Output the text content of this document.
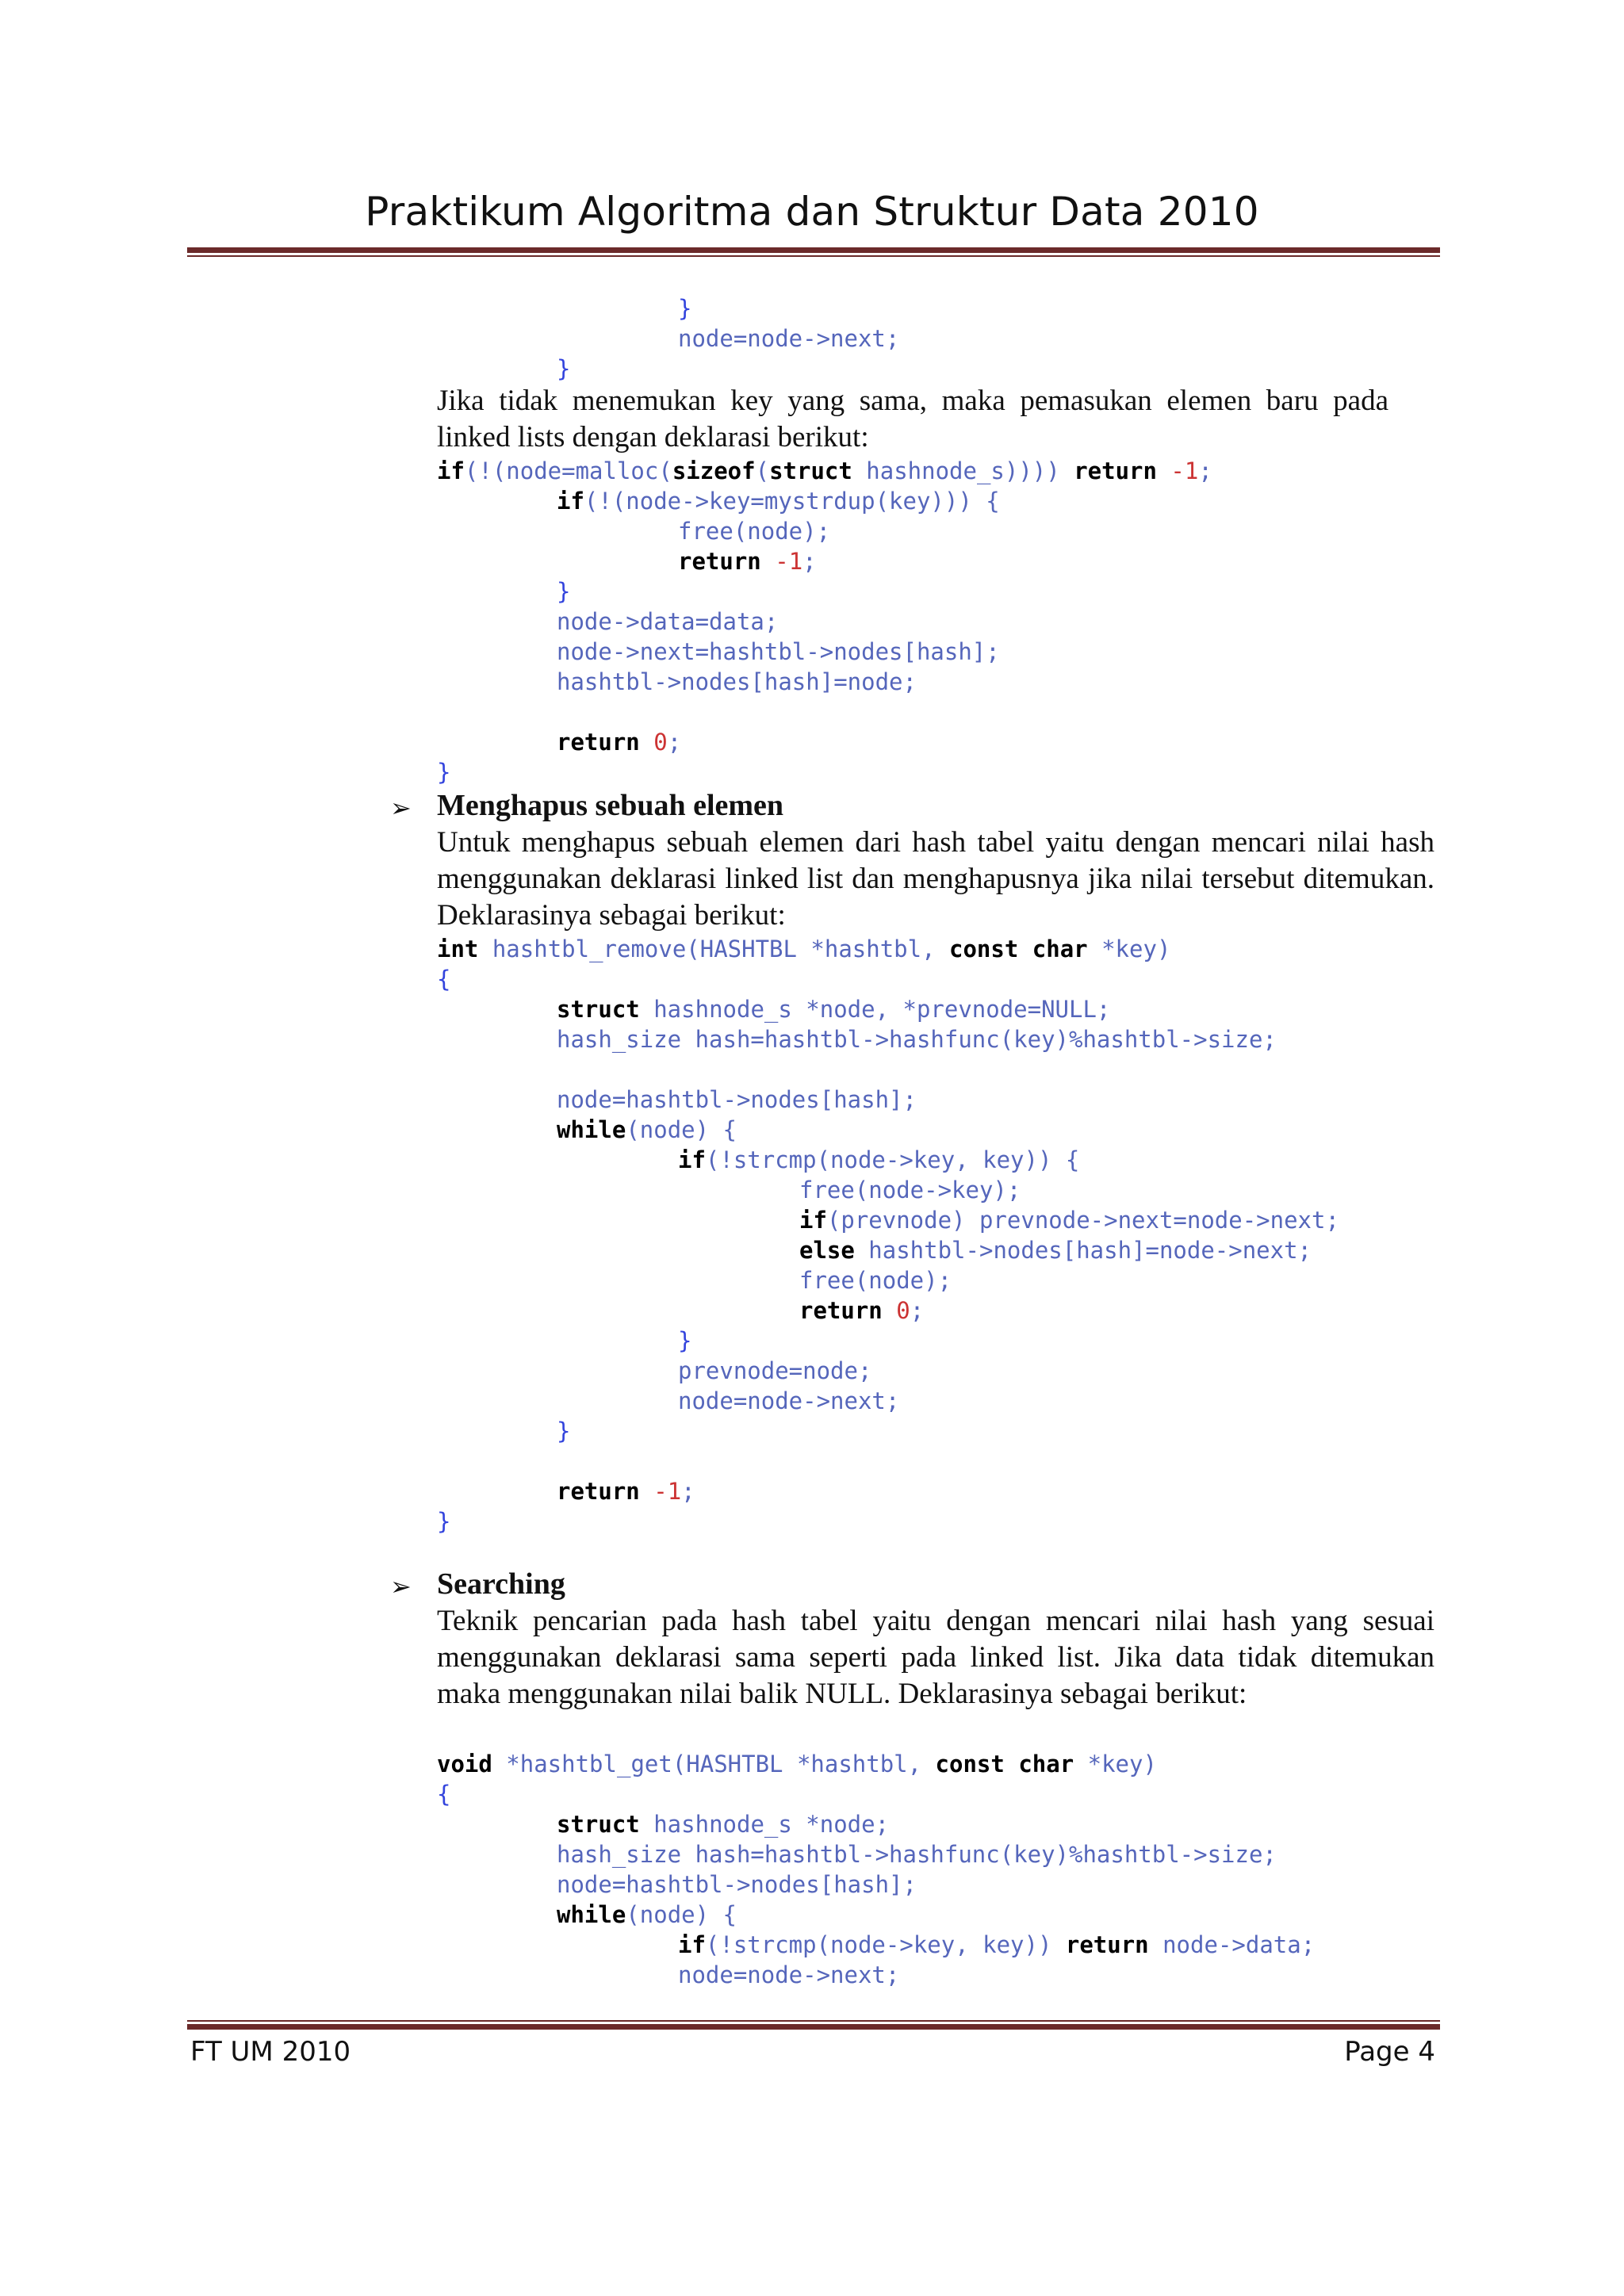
Praktikum Algoritma dan Struktur Data 2010
}
node=node->next;
}
Jika tidak menemukan key yang sama, maka pemasukan elemen baru pada linked lists dengan deklarasi berikut:
if(!(node=malloc(sizeof(struct hashnode_s)))) return -1;
if(!(node->key=mystrdup(key))) {
free(node);
return -1;
}
node->data=data;
node->next=hashtbl->nodes[hash];
hashtbl->nodes[hash]=node;
return 0;
}
➢ Menghapus sebuah elemen
Untuk menghapus sebuah elemen dari hash tabel yaitu dengan mencari nilai hash menggunakan deklarasi linked list dan menghapusnya jika nilai tersebut ditemukan. Deklarasinya sebagai berikut:
int hashtbl_remove(HASHTBL *hashtbl, const char *key)
{
struct hashnode_s *node, *prevnode=NULL;
hash_size hash=hashtbl->hashfunc(key)%hashtbl->size;
node=hashtbl->nodes[hash];
while(node) {
if(!strcmp(node->key, key)) {
free(node->key);
if(prevnode) prevnode->next=node->next;
else hashtbl->nodes[hash]=node->next;
free(node);
return 0;
}
prevnode=node;
node=node->next;
}
return -1;
}
➢ Searching
Teknik pencarian pada hash tabel yaitu dengan mencari nilai hash yang sesuai menggunakan deklarasi sama seperti pada linked list. Jika data tidak ditemukan maka menggunakan nilai balik NULL. Deklarasinya sebagai berikut:
void *hashtbl_get(HASHTBL *hashtbl, const char *key)
{
struct hashnode_s *node;
hash_size hash=hashtbl->hashfunc(key)%hashtbl->size;
node=hashtbl->nodes[hash];
while(node) {
if(!strcmp(node->key, key)) return node->data;
node=node->next;
FT UM 2010	Page 4
